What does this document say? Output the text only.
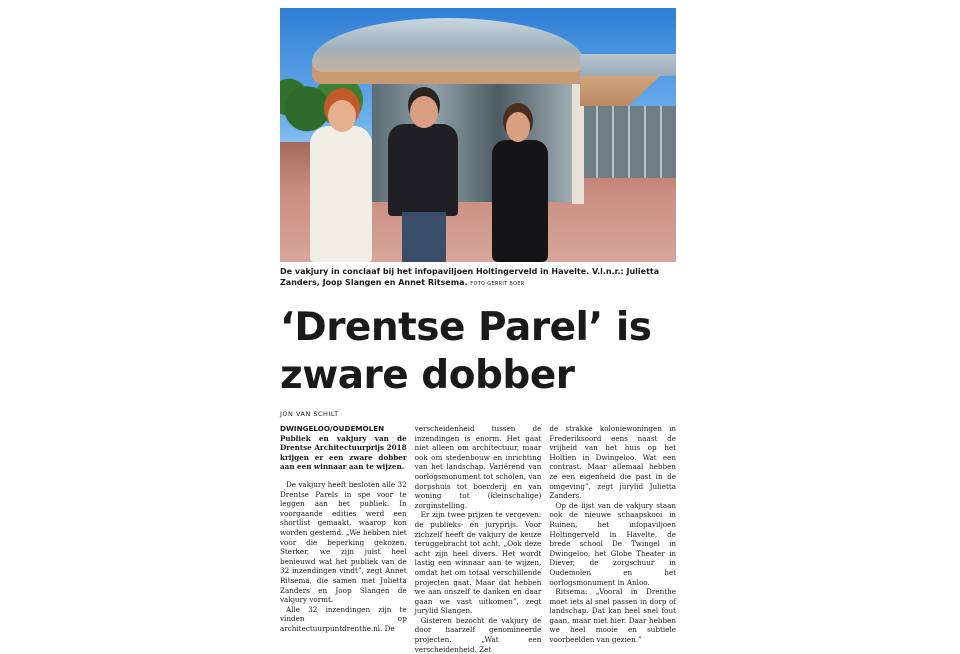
De vakjury in conclaaf bij het infopaviljoen Holtingerveld in Havelte. V.l.n.r.: Julietta Zanders, Joop Slangen en Annet Ritsema. FOTO GERRIT BOER
‘Drentse Parel’ is
zware dobber
JON VAN SCHILT

DWINGELOO/OUDEMOLEN Publiek en vakjury van de Drentse Architectuurprijs 2018 krijgen er een zware dobber aan een winnaar aan te wijzen.

De vakjury heeft besloten alle 32 Drentse Parels in spe voor te leggen aan het publiek. In voorgaande edities werd een shortlist gemaakt, waarop kon worden gestemd. „We hebben niet voor die beperking gekozen. Sterker, we zijn juist heel benieuwd wat het publiek van de 32 inzendingen vindt”, zegt Annet Ritsema, die samen met Julietta Zanders en Joop Slangen de vakjury vormt.

Alle 32 inzendingen zijn te vinden op architectuurpuntdrenthe.nl. De

verscheidenheid tussen de inzendingen is enorm. Het gaat niet alleen om architectuur, maar ook om stedenbouw en inrichting van het landschap. Variërend van oorlogsmonument tot scholen, van dorpshuis tot boerderij en van woning tot (kleinschalige) zorginstelling.

Er zijn twee prijzen te vergeven: de publieks- en juryprijs. Voor zichzelf heeft de vakjury de keuze teruggebracht tot acht. „Ook deze acht zijn heel divers. Het wordt lastig een winnaar aan te wijzen, omdat het om totaal verschillende projecten gaat. Maar dat hebben we aan onszelf te danken en daar gaan we vast uitkomen”, zegt jurylid Slangen.

Gisteren bezocht de vakjury de door haarzelf genomineerde projecten. „Wat een verscheidenheid. Zet

de strakke koloniewoningen in Frederiksoord eens naast de vrijheid van het huis op het Holtien in Dwingeloo. Wat een contrast. Maar allemaal hebben ze een eigenheid die past in de omgeving”, zegt jurylid Julietta Zanders.

Op de lijst van de vakjury staan ook de nieuwe schaapskooi in Ruinen, het infopaviljoen Holtingerveld in Havelte, de brede school De Twingel in Dwingeloo, het Globe Theater in Diever, de zorgschuur in Oudemolen en het oorlogsmonument in Anloo.

Ritsema: „Vooral in Drenthe moet iets al snel passen in dorp of landschap. Dat kan heel snel fout gaan, maar niet hier. Daar hebben we heel mooie en subtiele voorbeelden van gezien.”
